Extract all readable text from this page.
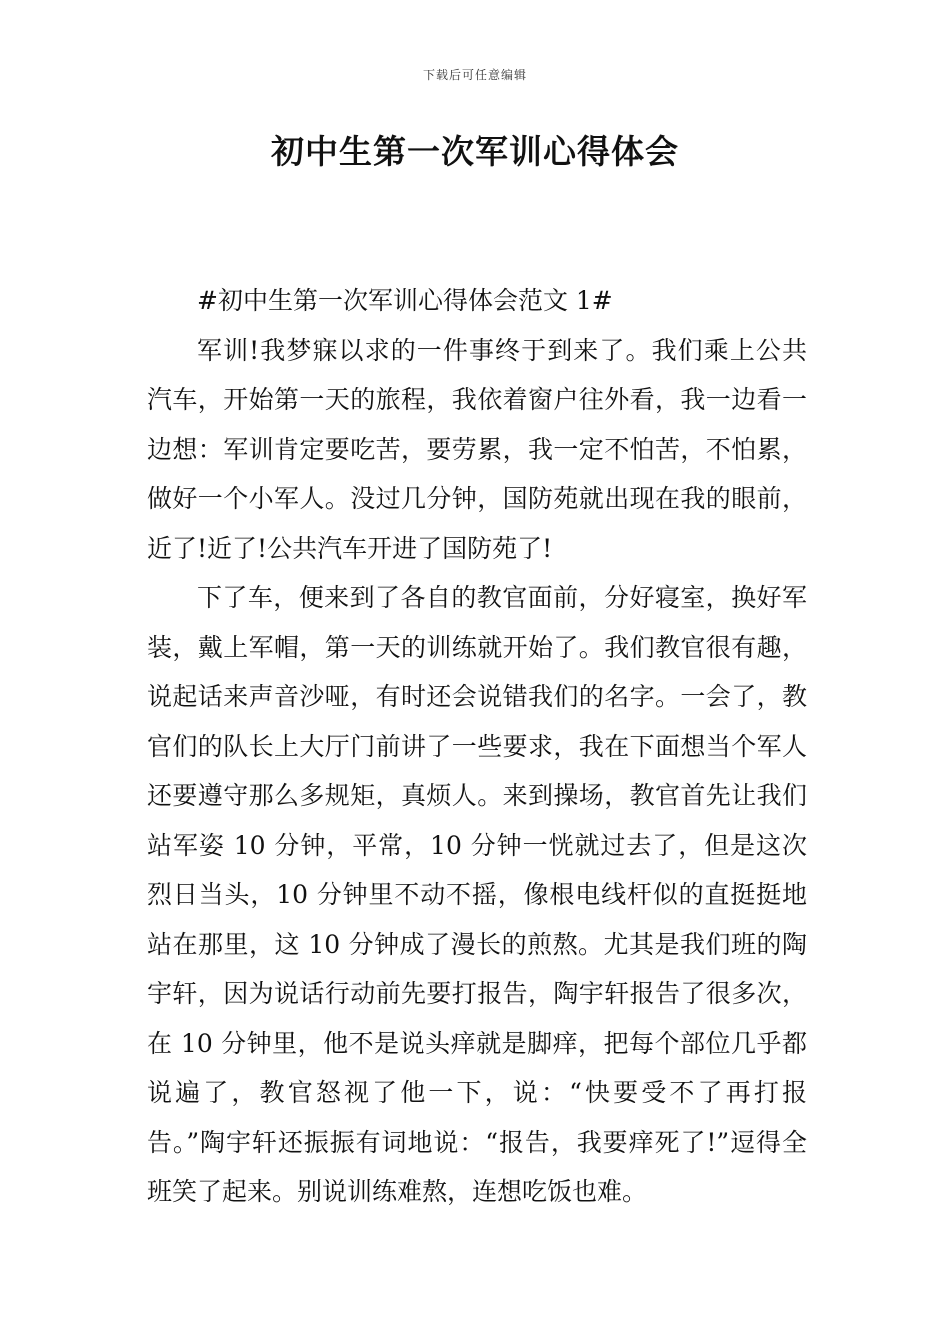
下载后可任意编辑
初中生第一次军训心得体会

#初中生第一次军训心得体会范文 1#

军训!我梦寐以求的一件事终于到来了。我们乘上公共汽车，开始第一天的旅程，我依着窗户往外看，我一边看一边想：军训肯定要吃苦，要劳累，我一定不怕苦，不怕累，做好一个小军人。没过几分钟，国防苑就出现在我的眼前，近了!近了!公共汽车开进了国防苑了!

下了车，便来到了各自的教官面前，分好寝室，换好军装，戴上军帽，第一天的训练就开始了。我们教官很有趣，说起话来声音沙哑，有时还会说错我们的名字。一会了，教官们的队长上大厅门前讲了一些要求，我在下面想当个军人还要遵守那么多规矩，真烦人。来到操场，教官首先让我们站军姿 10 分钟，平常，10 分钟一恍就过去了，但是这次烈日当头，10 分钟里不动不摇，像根电线杆似的直挺挺地站在那里，这 10 分钟成了漫长的煎熬。尤其是我们班的陶宇轩，因为说话行动前先要打报告，陶宇轩报告了很多次，在 10 分钟里，他不是说头痒就是脚痒，把每个部位几乎都说遍了，教官怒视了他一下，说：“快要受不了再打报告。”陶宇轩还振振有词地说：“报告，我要痒死了!”逗得全班笑了起来。别说训练难熬，连想吃饭也难。
